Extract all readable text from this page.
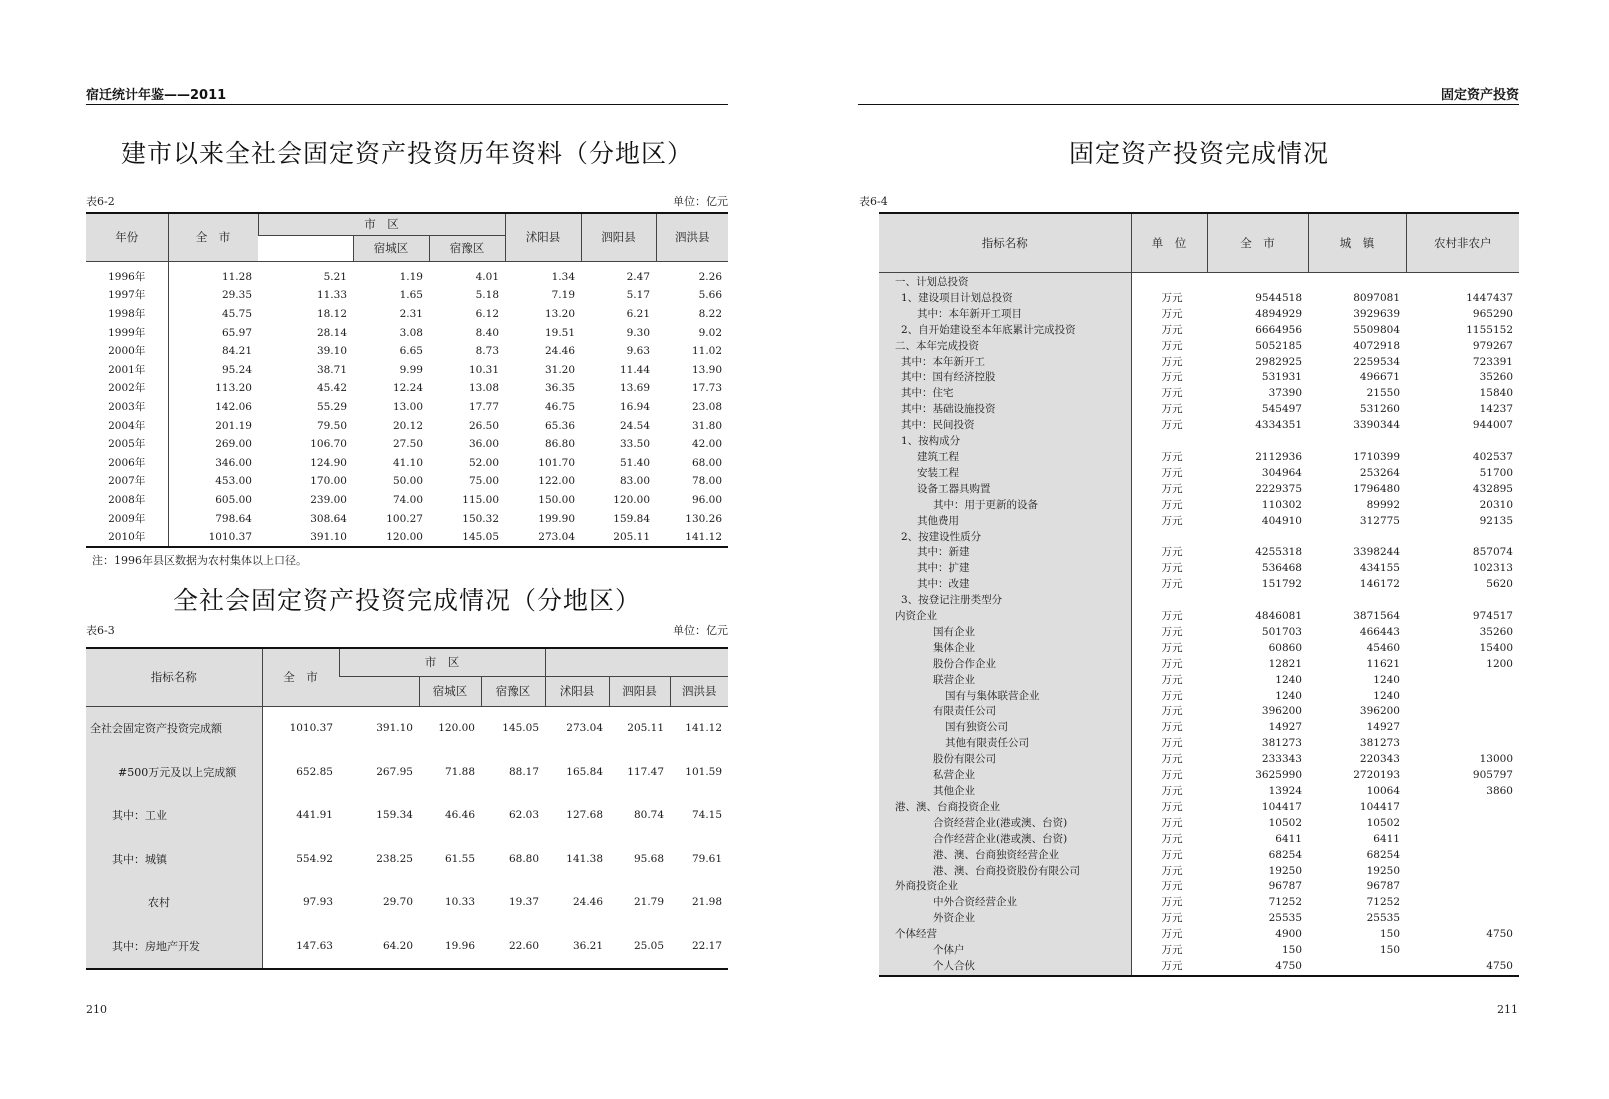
宿迁统计年鉴——2011
建市以来全社会固定资产投资历年资料（分地区）
表6-2	单位：亿元
年份	全　市	市　区			沭阳县	泗阳县	泗洪县
			宿城区	宿豫区			
1996年	11.28	5.21	1.19	4.01	1.34	2.47	2.26
1997年	29.35	11.33	1.65	5.18	7.19	5.17	5.66
1998年	45.75	18.12	2.31	6.12	13.20	6.21	8.22
1999年	65.97	28.14	3.08	8.40	19.51	9.30	9.02
2000年	84.21	39.10	6.65	8.73	24.46	9.63	11.02
2001年	95.24	38.71	9.99	10.31	31.20	11.44	13.90
2002年	113.20	45.42	12.24	13.08	36.35	13.69	17.73
2003年	142.06	55.29	13.00	17.77	46.75	16.94	23.08
2004年	201.19	79.50	20.12	26.50	65.36	24.54	31.80
2005年	269.00	106.70	27.50	36.00	86.80	33.50	42.00
2006年	346.00	124.90	41.10	52.00	101.70	51.40	68.00
2007年	453.00	170.00	50.00	75.00	122.00	83.00	78.00
2008年	605.00	239.00	74.00	115.00	150.00	120.00	96.00
2009年	798.64	308.64	100.27	150.32	199.90	159.84	130.26
2010年	1010.37	391.10	120.00	145.05	273.04	205.11	141.12
注：1996年县区数据为农村集体以上口径。
全社会固定资产投资完成情况（分地区）
表6-3	单位：亿元
指标名称	全　市	市　区					
			宿城区	宿豫区	沭阳县	泗阳县	泗洪县
全社会固定资产投资完成额	1010.37	391.10	120.00	145.05	273.04	205.11	141.12
#500万元及以上完成额	652.85	267.95	71.88	88.17	165.84	117.47	101.59
其中：工业	441.91	159.34	46.46	62.03	127.68	80.74	74.15
其中：城镇	554.92	238.25	61.55	68.80	141.38	95.68	79.61
农村	97.93	29.70	10.33	19.37	24.46	21.79	21.98
其中：房地产开发	147.63	64.20	19.96	22.60	36.21	25.05	22.17
210
固定资产投资
固定资产投资完成情况
表6-4
指标名称	单　位	全　市	城　镇	农村非农户
一、计划总投资				
1、建设项目计划总投资	万元	9544518	8097081	1447437
其中：本年新开工项目	万元	4894929	3929639	965290
2、自开始建设至本年底累计完成投资	万元	6664956	5509804	1155152
二、本年完成投资	万元	5052185	4072918	979267
其中：本年新开工	万元	2982925	2259534	723391
其中：国有经济控股	万元	531931	496671	35260
其中：住宅	万元	37390	21550	15840
其中：基础设施投资	万元	545497	531260	14237
其中：民间投资	万元	4334351	3390344	944007
1、按构成分				
建筑工程	万元	2112936	1710399	402537
安装工程	万元	304964	253264	51700
设备工器具购置	万元	2229375	1796480	432895
其中：用于更新的设备	万元	110302	89992	20310
其他费用	万元	404910	312775	92135
2、按建设性质分				
其中：新建	万元	4255318	3398244	857074
其中：扩建	万元	536468	434155	102313
其中：改建	万元	151792	146172	5620
3、按登记注册类型分				
内资企业	万元	4846081	3871564	974517
国有企业	万元	501703	466443	35260
集体企业	万元	60860	45460	15400
股份合作企业	万元	12821	11621	1200
联营企业	万元	1240	1240	
国有与集体联营企业	万元	1240	1240	
有限责任公司	万元	396200	396200	
国有独资公司	万元	14927	14927	
其他有限责任公司	万元	381273	381273	
股份有限公司	万元	233343	220343	13000
私营企业	万元	3625990	2720193	905797
其他企业	万元	13924	10064	3860
港、澳、台商投资企业	万元	104417	104417	
合资经营企业(港或澳、台资)	万元	10502	10502	
合作经营企业(港或澳、台资)	万元	6411	6411	
港、澳、台商独资经营企业	万元	68254	68254	
港、澳、台商投资股份有限公司	万元	19250	19250	
外商投资企业	万元	96787	96787	
中外合资经营企业	万元	71252	71252	
外资企业	万元	25535	25535	
个体经营	万元	4900	150	4750
个体户	万元	150	150	
个人合伙	万元	4750		4750
211
